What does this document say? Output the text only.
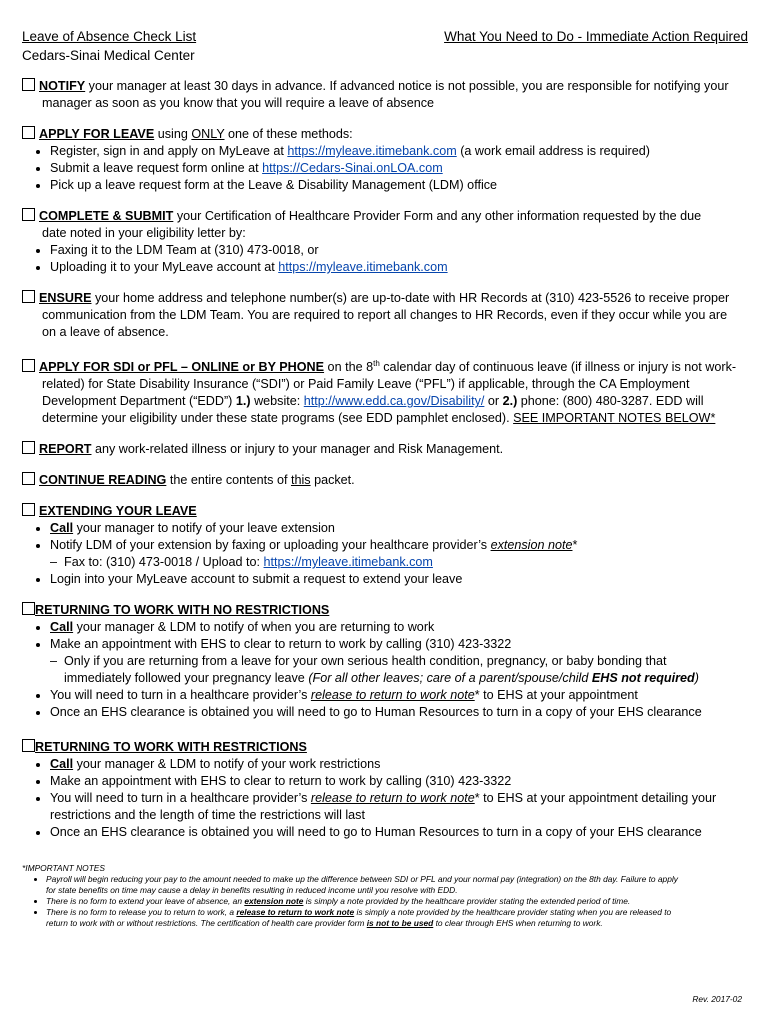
Leave of Absence Check List	What You Need to Do - Immediate Action Required
Cedars-Sinai Medical Center

NOTIFY your manager at least 30 days in advance. If advanced notice is not possible, you are responsible for notifying your

manager as soon as you know that you will require a leave of absence

APPLY FOR LEAVE using ONLY one of these methods:

• Register, sign in and apply on MyLeave at https://myleave.itimebank.com (a work email address is required)
• Submit a leave request form online at https://Cedars-Sinai.onLOA.com
• Pick up a leave request form at the Leave & Disability Management (LDM) office

COMPLETE & SUBMIT your Certification of Healthcare Provider Form and any other information requested by the due

date noted in your eligibility letter by:

• Faxing it to the LDM Team at (310) 473-0018, or
• Uploading it to your MyLeave account at https://myleave.itimebank.com

ENSURE your home address and telephone number(s) are up-to-date with HR Records at (310) 423-5526 to receive proper

communication from the LDM Team. You are required to report all changes to HR Records, even if they occur while you are

on a leave of absence.

APPLY FOR SDI or PFL – ONLINE or BY PHONE on the 8th calendar day of continuous leave (if illness or injury is not work-

related) for State Disability Insurance (“SDI”) or Paid Family Leave (“PFL”) if applicable, through the CA Employment

Development Department (“EDD”) 1.) website: http://www.edd.ca.gov/Disability/ or 2.) phone: (800) 480-3287. EDD will

determine your eligibility under these state programs (see EDD pamphlet enclosed). SEE IMPORTANT NOTES BELOW*

REPORT any work-related illness or injury to your manager and Risk Management.

CONTINUE READING the entire contents of this packet.

EXTENDING YOUR LEAVE

• Call your manager to notify of your leave extension
• Notify LDM of your extension by faxing or uploading your healthcare provider’s extension note*

– Fax to: (310) 473-0018 / Upload to: https://myleave.itimebank.com

• Login into your MyLeave account to submit a request to extend your leave

RETURNING TO WORK WITH NO RESTRICTIONS

• Call your manager & LDM to notify of when you are returning to work
• Make an appointment with EHS to clear to return to work by calling (310) 423-3322

– Only if you are returning from a leave for your own serious health condition, pregnancy, or baby bonding that

immediately followed your pregnancy leave (For all other leaves; care of a parent/spouse/child EHS not required)

• You will need to turn in a healthcare provider’s release to return to work note* to EHS at your appointment
• Once an EHS clearance is obtained you will need to go to Human Resources to turn in a copy of your EHS clearance

RETURNING TO WORK WITH RESTRICTIONS

• Call your manager & LDM to notify of your work restrictions
• Make an appointment with EHS to clear to return to work by calling (310) 423-3322
• You will need to turn in a healthcare provider’s release to return to work note* to EHS at your appointment detailing your
restrictions and the length of time the restrictions will last
• Once an EHS clearance is obtained you will need to go to Human Resources to turn in a copy of your EHS clearance
*IMPORTANT NOTES
• Payroll will begin reducing your pay to the amount needed to make up the difference between SDI or PFL and your normal pay (integration) on the 8th day. Failure to apply
for state benefits on time may cause a delay in benefits resulting in reduced income until you resolve with EDD.
• There is no form to extend your leave of absence, an extension note is simply a note provided by the healthcare provider stating the extended period of time.
• There is no form to release you to return to work, a release to return to work note is simply a note provided by the healthcare provider stating when you are released to
return to work with or without restrictions. The certification of health care provider form is not to be used to clear through EHS when returning to work.
Rev. 2017-02
